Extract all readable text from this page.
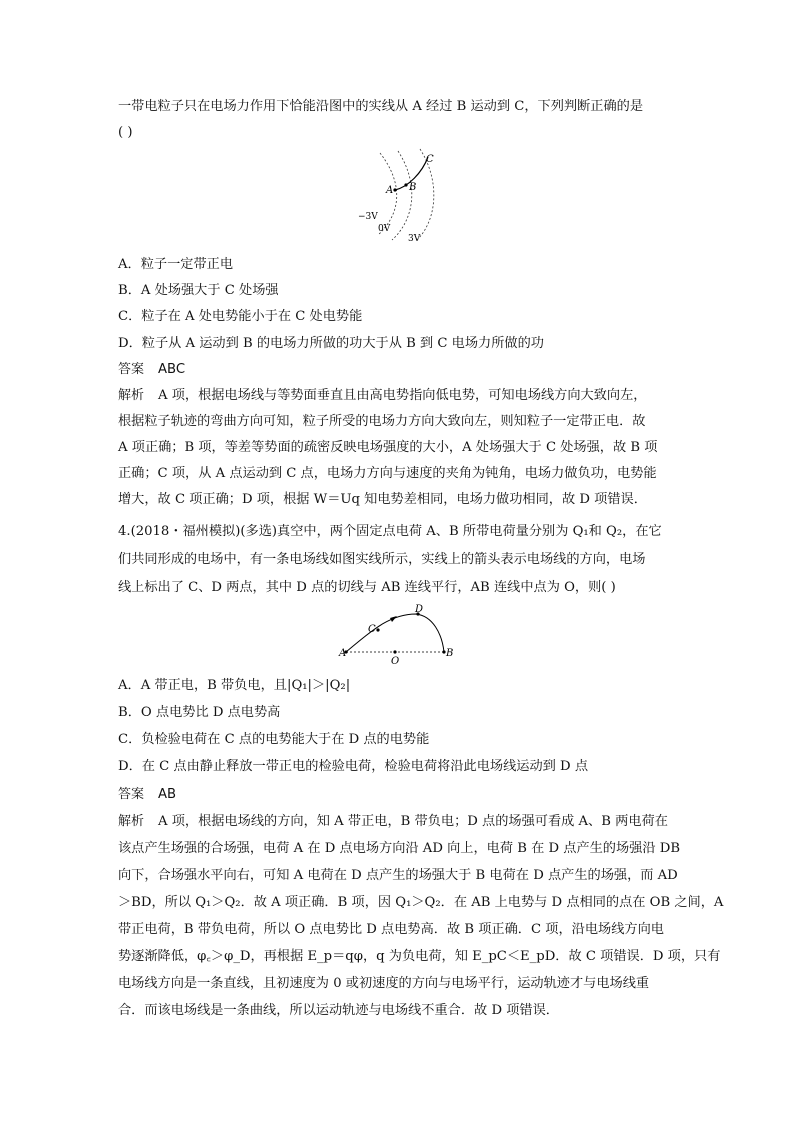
一带电粒子只在电场力作用下恰能沿图中的实线从 A 经过 B 运动到 C，下列判断正确的是
( )
A B
C
−3V
0V
3V
A．粒子一定带正电
B．A 处场强大于 C 处场强
C．粒子在 A 处电势能小于在 C 处电势能
D．粒子从 A 运动到 B 的电场力所做的功大于从 B 到 C 电场力所做的功
答案 ABC
解析 A 项，根据电场线与等势面垂直且由高电势指向低电势，可知电场线方向大致向左，
根据粒子轨迹的弯曲方向可知，粒子所受的电场力方向大致向左，则知粒子一定带正电．故
A 项正确；B 项，等差等势面的疏密反映电场强度的大小，A 处场强大于 C 处场强，故 B 项
正确；C 项，从 A 点运动到 C 点，电场力方向与速度的夹角为钝角，电场力做负功，电势能
增大，故 C 项正确；D 项，根据 W＝Uq 知电势差相同，电场力做功相同，故 D 项错误．
4.(2018・福州模拟)(多选)真空中，两个固定点电荷 A、B 所带电荷量分别为 Q₁和 Q₂，在它
们共同形成的电场中，有一条电场线如图实线所示，实线上的箭头表示电场线的方向，电场
线上标出了 C、D 两点，其中 D 点的切线与 AB 连线平行，AB 连线中点为 O，则( )
A	B
C
D
O
A．A 带正电，B 带负电，且|Q₁|＞|Q₂|
B．O 点电势比 D 点电势高
C．负检验电荷在 C 点的电势能大于在 D 点的电势能
D．在 C 点由静止释放一带正电的检验电荷，检验电荷将沿此电场线运动到 D 点
答案 AB
解析 A 项，根据电场线的方向，知 A 带正电，B 带负电；D 点的场强可看成 A、B 两电荷在
该点产生场强的合场强，电荷 A 在 D 点电场方向沿 AD 向上，电荷 B 在 D 点产生的场强沿 DB
向下，合场强水平向右，可知 A 电荷在 D 点产生的场强大于 B 电荷在 D 点产生的场强，而 AD
＞BD，所以 Q₁＞Q₂．故 A 项正确．B 项，因 Q₁＞Q₂．在 AB 上电势与 D 点相同的点在 OB 之间，A
带正电荷，B 带负电荷，所以 O 点电势比 D 点电势高．故 B 项正确．C 项，沿电场线方向电
势逐渐降低，φ꜀＞φ_D，再根据 E_p＝qφ，q 为负电荷，知 E_pC＜E_pD．故 C 项错误．D 项，只有
电场线方向是一条直线，且初速度为 0 或初速度的方向与电场平行，运动轨迹才与电场线重
合．而该电场线是一条曲线，所以运动轨迹与电场线不重合．故 D 项错误．
